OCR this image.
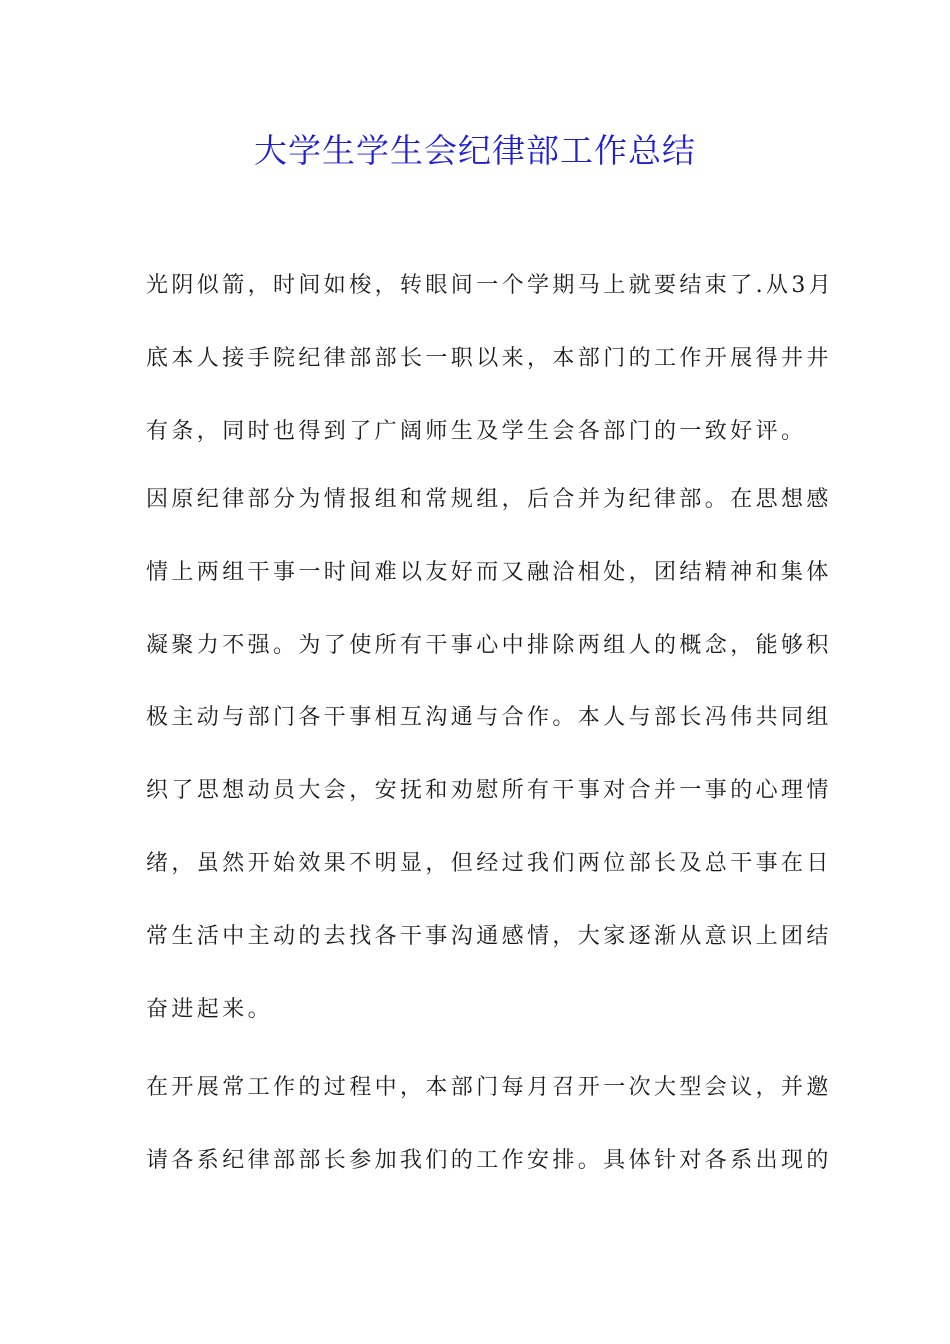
大学生学生会纪律部工作总结
光阴似箭，时间如梭，转眼间一个学期马上就要结束了.从3月
底本人接手院纪律部部长一职以来，本部门的工作开展得井井
有条，同时也得到了广阔师生及学生会各部门的一致好评。
因原纪律部分为情报组和常规组，后合并为纪律部。在思想感
情上两组干事一时间难以友好而又融洽相处，团结精神和集体
凝聚力不强。为了使所有干事心中排除两组人的概念，能够积
极主动与部门各干事相互沟通与合作。本人与部长冯伟共同组
织了思想动员大会，安抚和劝慰所有干事对合并一事的心理情
绪，虽然开始效果不明显，但经过我们两位部长及总干事在日
常生活中主动的去找各干事沟通感情，大家逐渐从意识上团结
奋进起来。
在开展常工作的过程中，本部门每月召开一次大型会议，并邀
请各系纪律部部长参加我们的工作安排。具体针对各系出现的
